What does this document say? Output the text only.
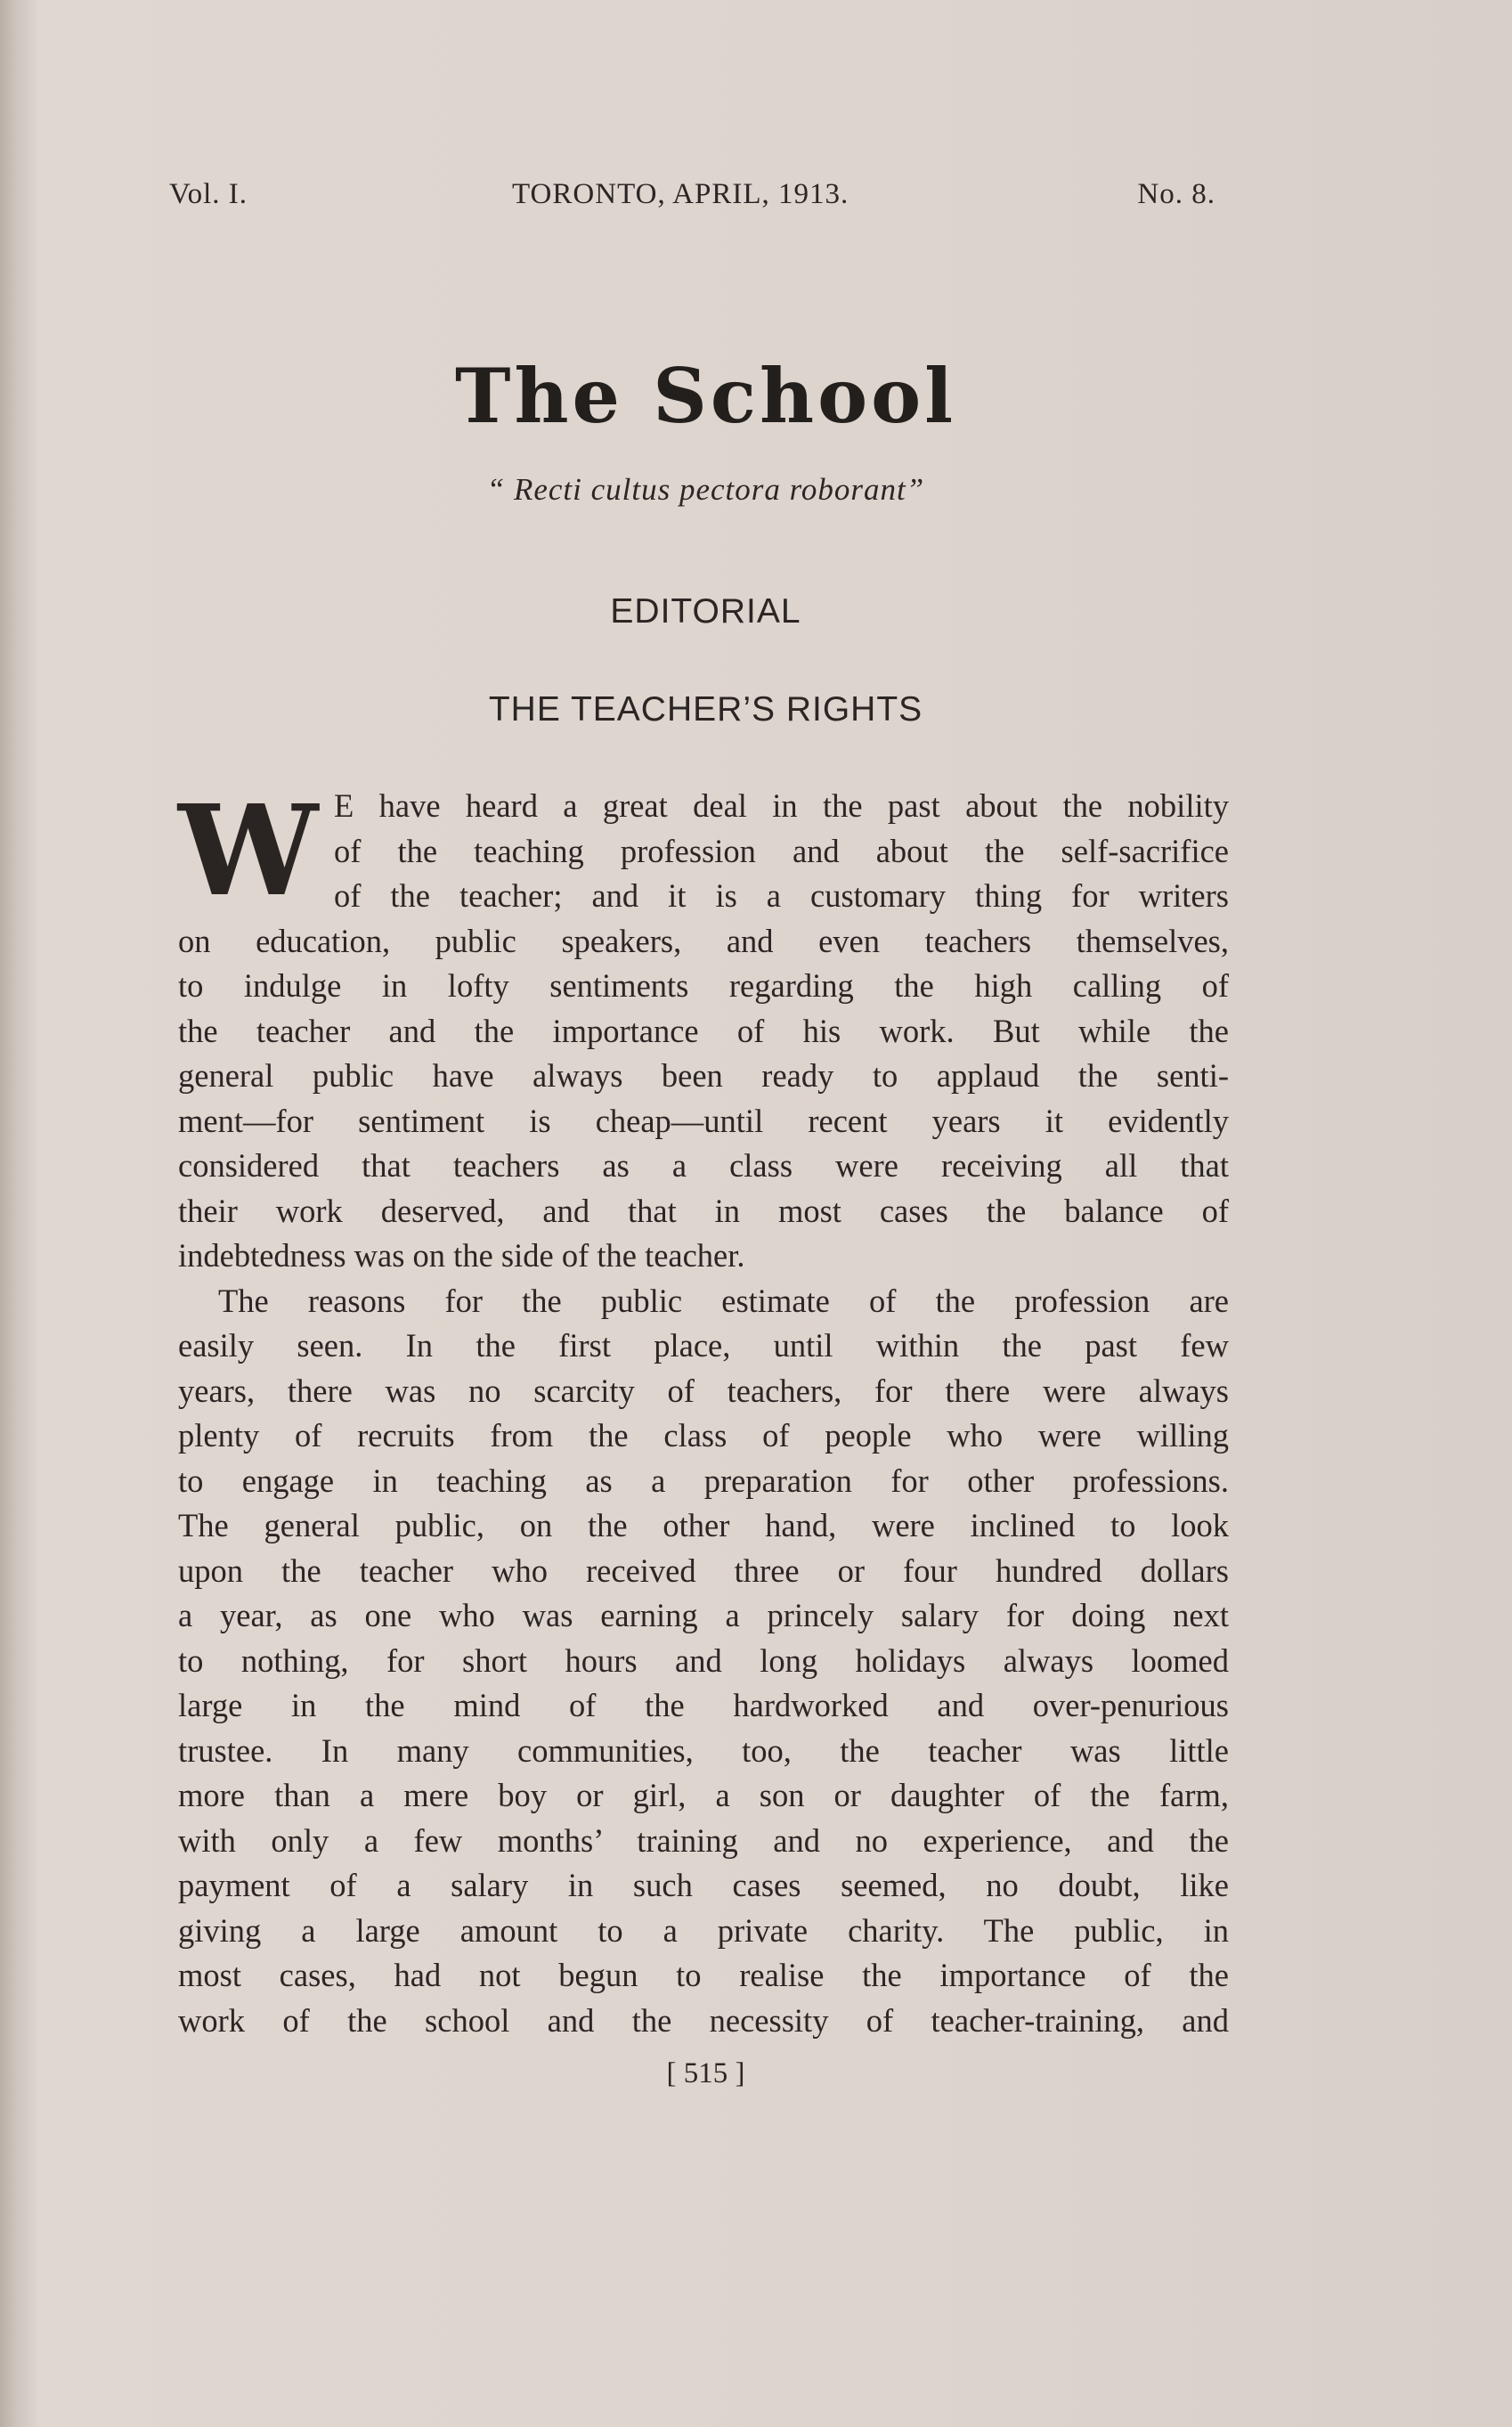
Vol. I.	TORONTO, APRIL, 1913.	No. 8.
The School
“ Recti cultus pectora roborant”
EDITORIAL
THE TEACHER’S RIGHTS
W E have heard a great deal in the past about the nobility
of the teaching profession and about the self-sacrifice
of the teacher; and it is a customary thing for writers
on education, public speakers, and even teachers themselves,
to indulge in lofty sentiments regarding the high calling of
the teacher and the importance of his work. But while the
general public have always been ready to applaud the senti-
ment—for sentiment is cheap—until recent years it evidently
considered that teachers as a class were receiving all that
their work deserved, and that in most cases the balance of
indebtedness was on the side of the teacher.
The reasons for the public estimate of the profession are
easily seen. In the first place, until within the past few
years, there was no scarcity of teachers, for there were always
plenty of recruits from the class of people who were willing
to engage in teaching as a preparation for other professions.
The general public, on the other hand, were inclined to look
upon the teacher who received three or four hundred dollars
a year, as one who was earning a princely salary for doing next
to nothing, for short hours and long holidays always loomed
large in the mind of the hardworked and over-penurious
trustee. In many communities, too, the teacher was little
more than a mere boy or girl, a son or daughter of the farm,
with only a few months’ training and no experience, and the
payment of a salary in such cases seemed, no doubt, like
giving a large amount to a private charity. The public, in
most cases, had not begun to realise the importance of the
work of the school and the necessity of teacher-training, and
[ 515 ]
